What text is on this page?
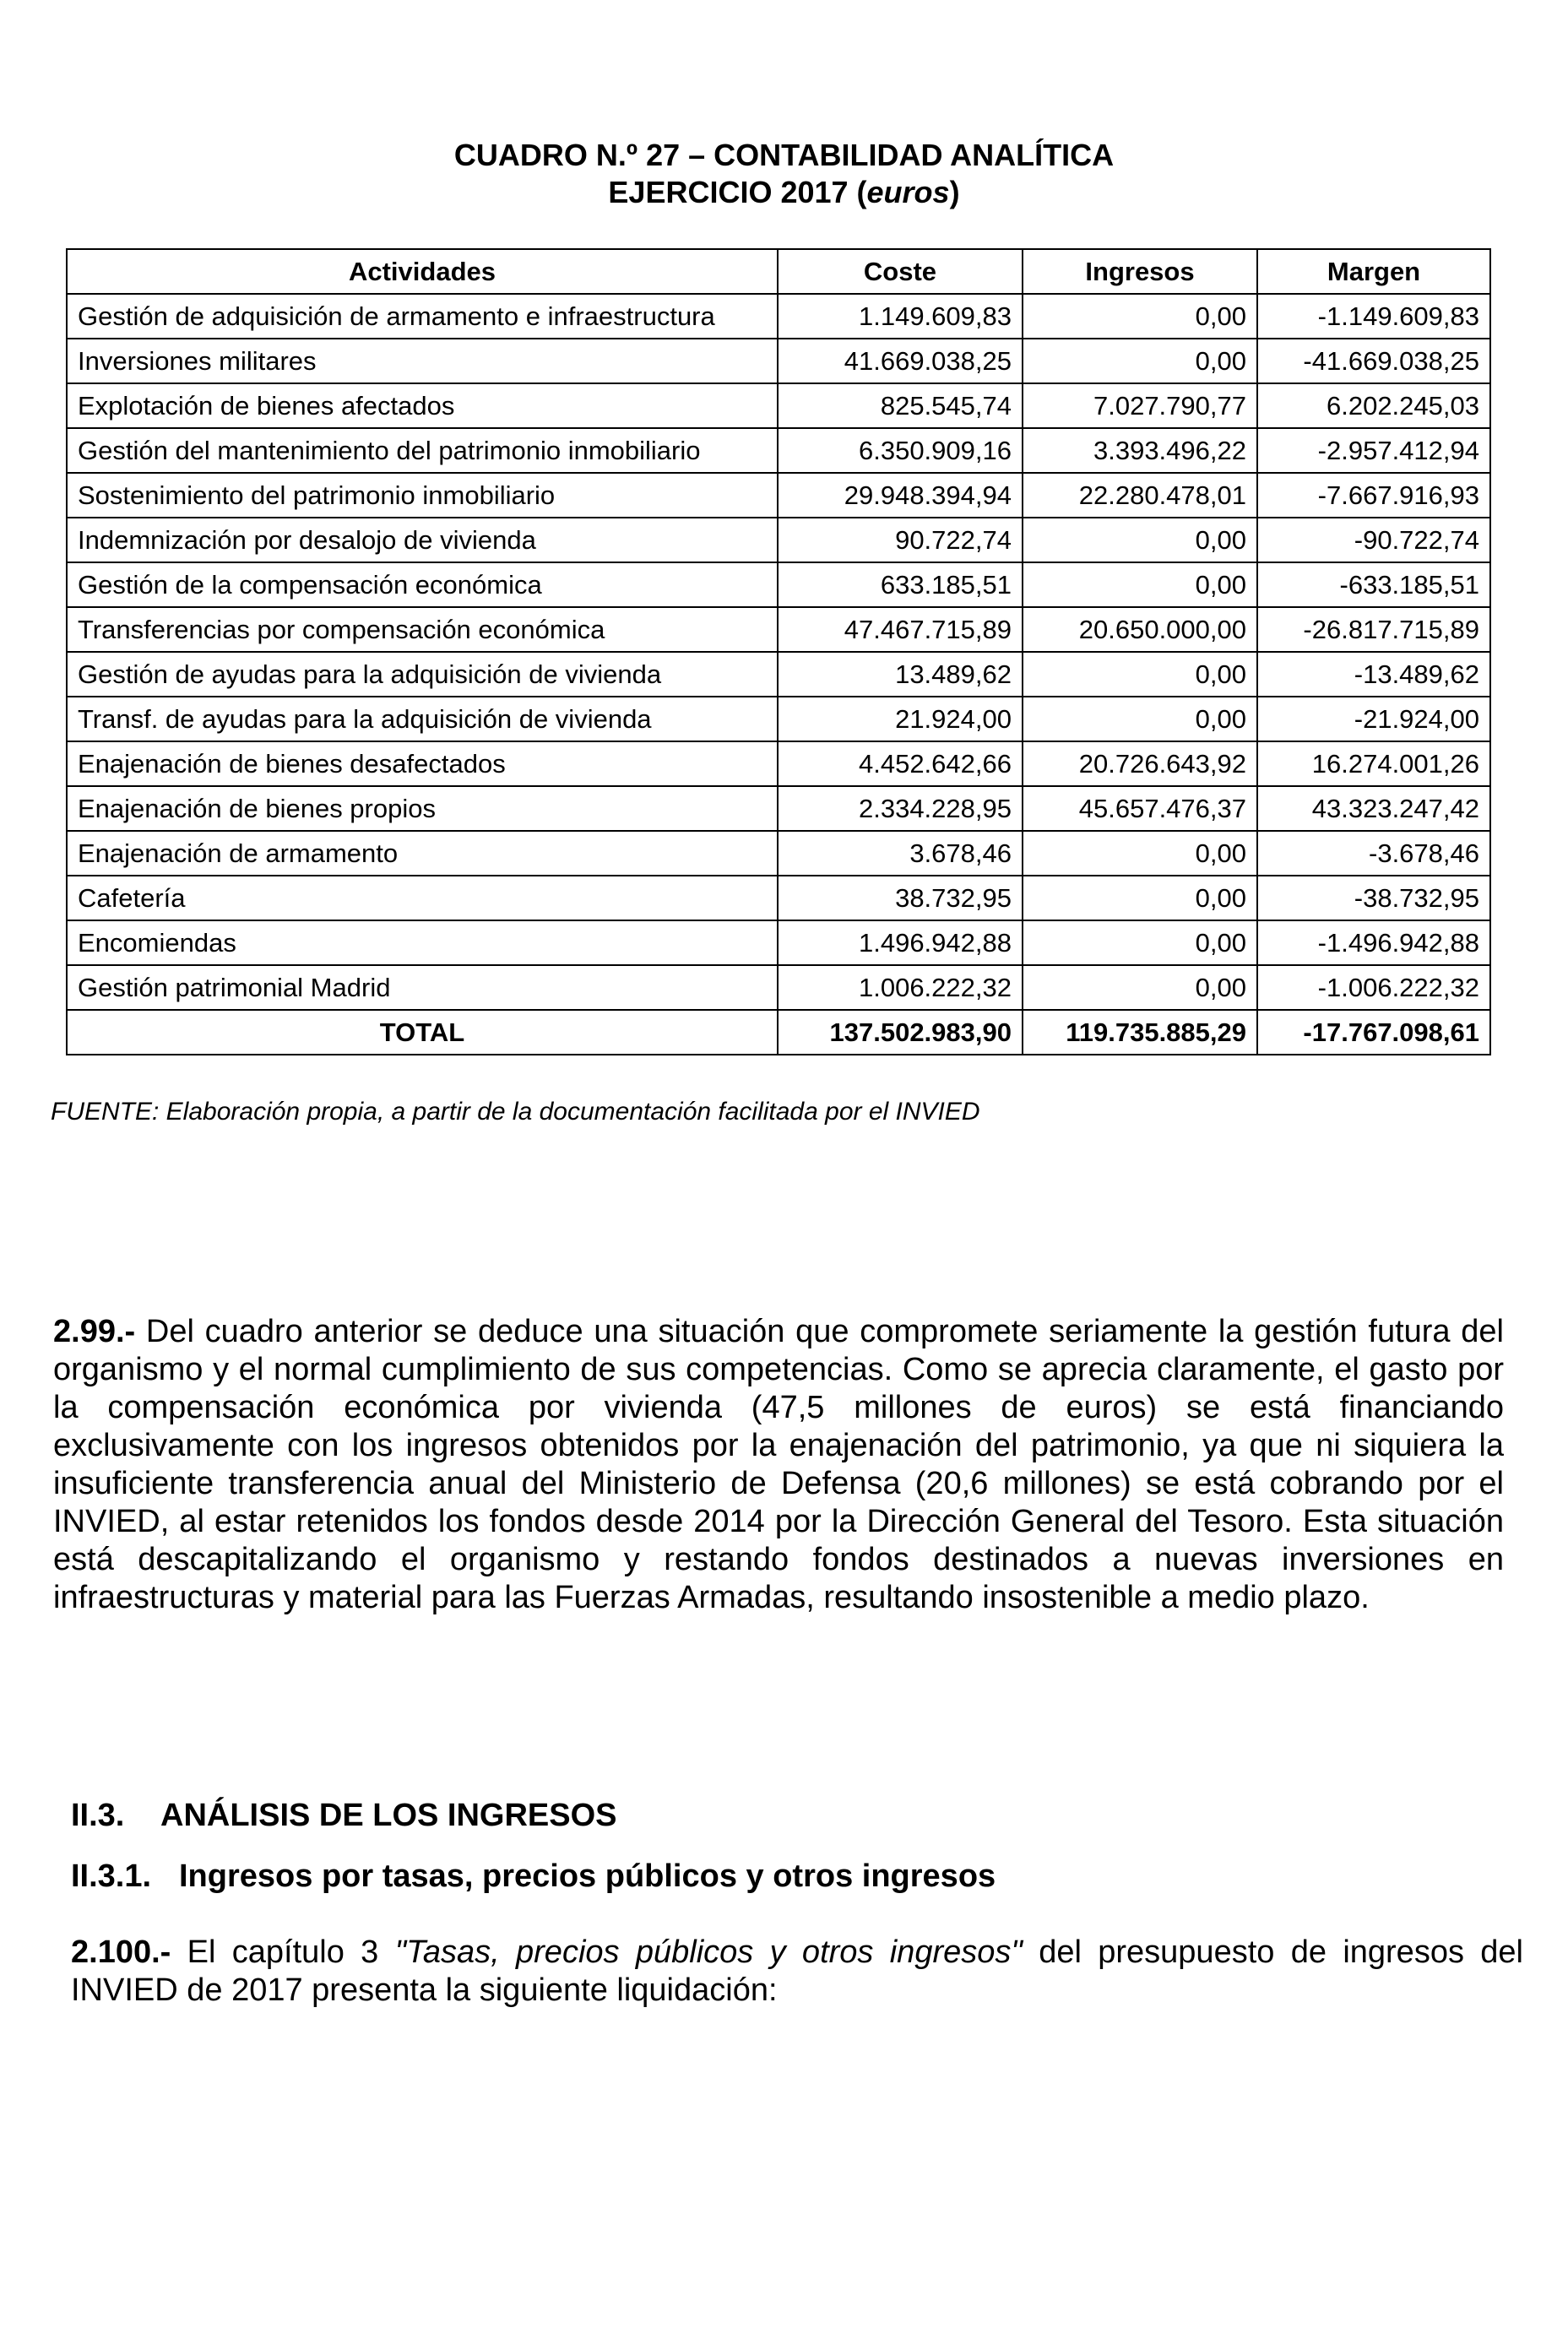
CUADRO N.º 27 – CONTABILIDAD ANALÍTICA
EJERCICIO 2017 (euros)
Actividades	Coste	Ingresos	Margen
Gestión de adquisición de armamento e infraestructura	1.149.609,83	0,00	-1.149.609,83
Inversiones militares	41.669.038,25	0,00	-41.669.038,25
Explotación de bienes afectados	825.545,74	7.027.790,77	6.202.245,03
Gestión del mantenimiento del patrimonio inmobiliario	6.350.909,16	3.393.496,22	-2.957.412,94
Sostenimiento del patrimonio inmobiliario	29.948.394,94	22.280.478,01	-7.667.916,93
Indemnización por desalojo de vivienda	90.722,74	0,00	-90.722,74
Gestión de la compensación económica	633.185,51	0,00	-633.185,51
Transferencias por compensación económica	47.467.715,89	20.650.000,00	-26.817.715,89
Gestión de ayudas para la adquisición de vivienda	13.489,62	0,00	-13.489,62
Transf. de ayudas para la adquisición de vivienda	21.924,00	0,00	-21.924,00
Enajenación de bienes desafectados	4.452.642,66	20.726.643,92	16.274.001,26
Enajenación de bienes propios	2.334.228,95	45.657.476,37	43.323.247,42
Enajenación de armamento	3.678,46	0,00	-3.678,46
Cafetería	38.732,95	0,00	-38.732,95
Encomiendas	1.496.942,88	0,00	-1.496.942,88
Gestión patrimonial Madrid	1.006.222,32	0,00	-1.006.222,32
TOTAL	137.502.983,90	119.735.885,29	-17.767.098,61
FUENTE: Elaboración propia, a partir de la documentación facilitada por el INVIED

2.99.- Del cuadro anterior se deduce una situación que compromete seriamente la gestión futura del organismo y el normal cumplimiento de sus competencias. Como se aprecia claramente, el gasto por la compensación económica por vivienda (47,5 millones de euros) se está financiando exclusivamente con los ingresos obtenidos por la enajenación del patrimonio, ya que ni siquiera la insuficiente transferencia anual del Ministerio de Defensa (20,6 millones) se está cobrando por el INVIED, al estar retenidos los fondos desde 2014 por la Dirección General del Tesoro. Esta situación está descapitalizando el organismo y restando fondos destinados a nuevas inversiones en infraestructuras y material para las Fuerzas Armadas, resultando insostenible a medio plazo.

II.3. ANÁLISIS DE LOS INGRESOS
II.3.1. Ingresos por tasas, precios públicos y otros ingresos

2.100.- El capítulo 3 "Tasas, precios públicos y otros ingresos" del presupuesto de ingresos del INVIED de 2017 presenta la siguiente liquidación:
